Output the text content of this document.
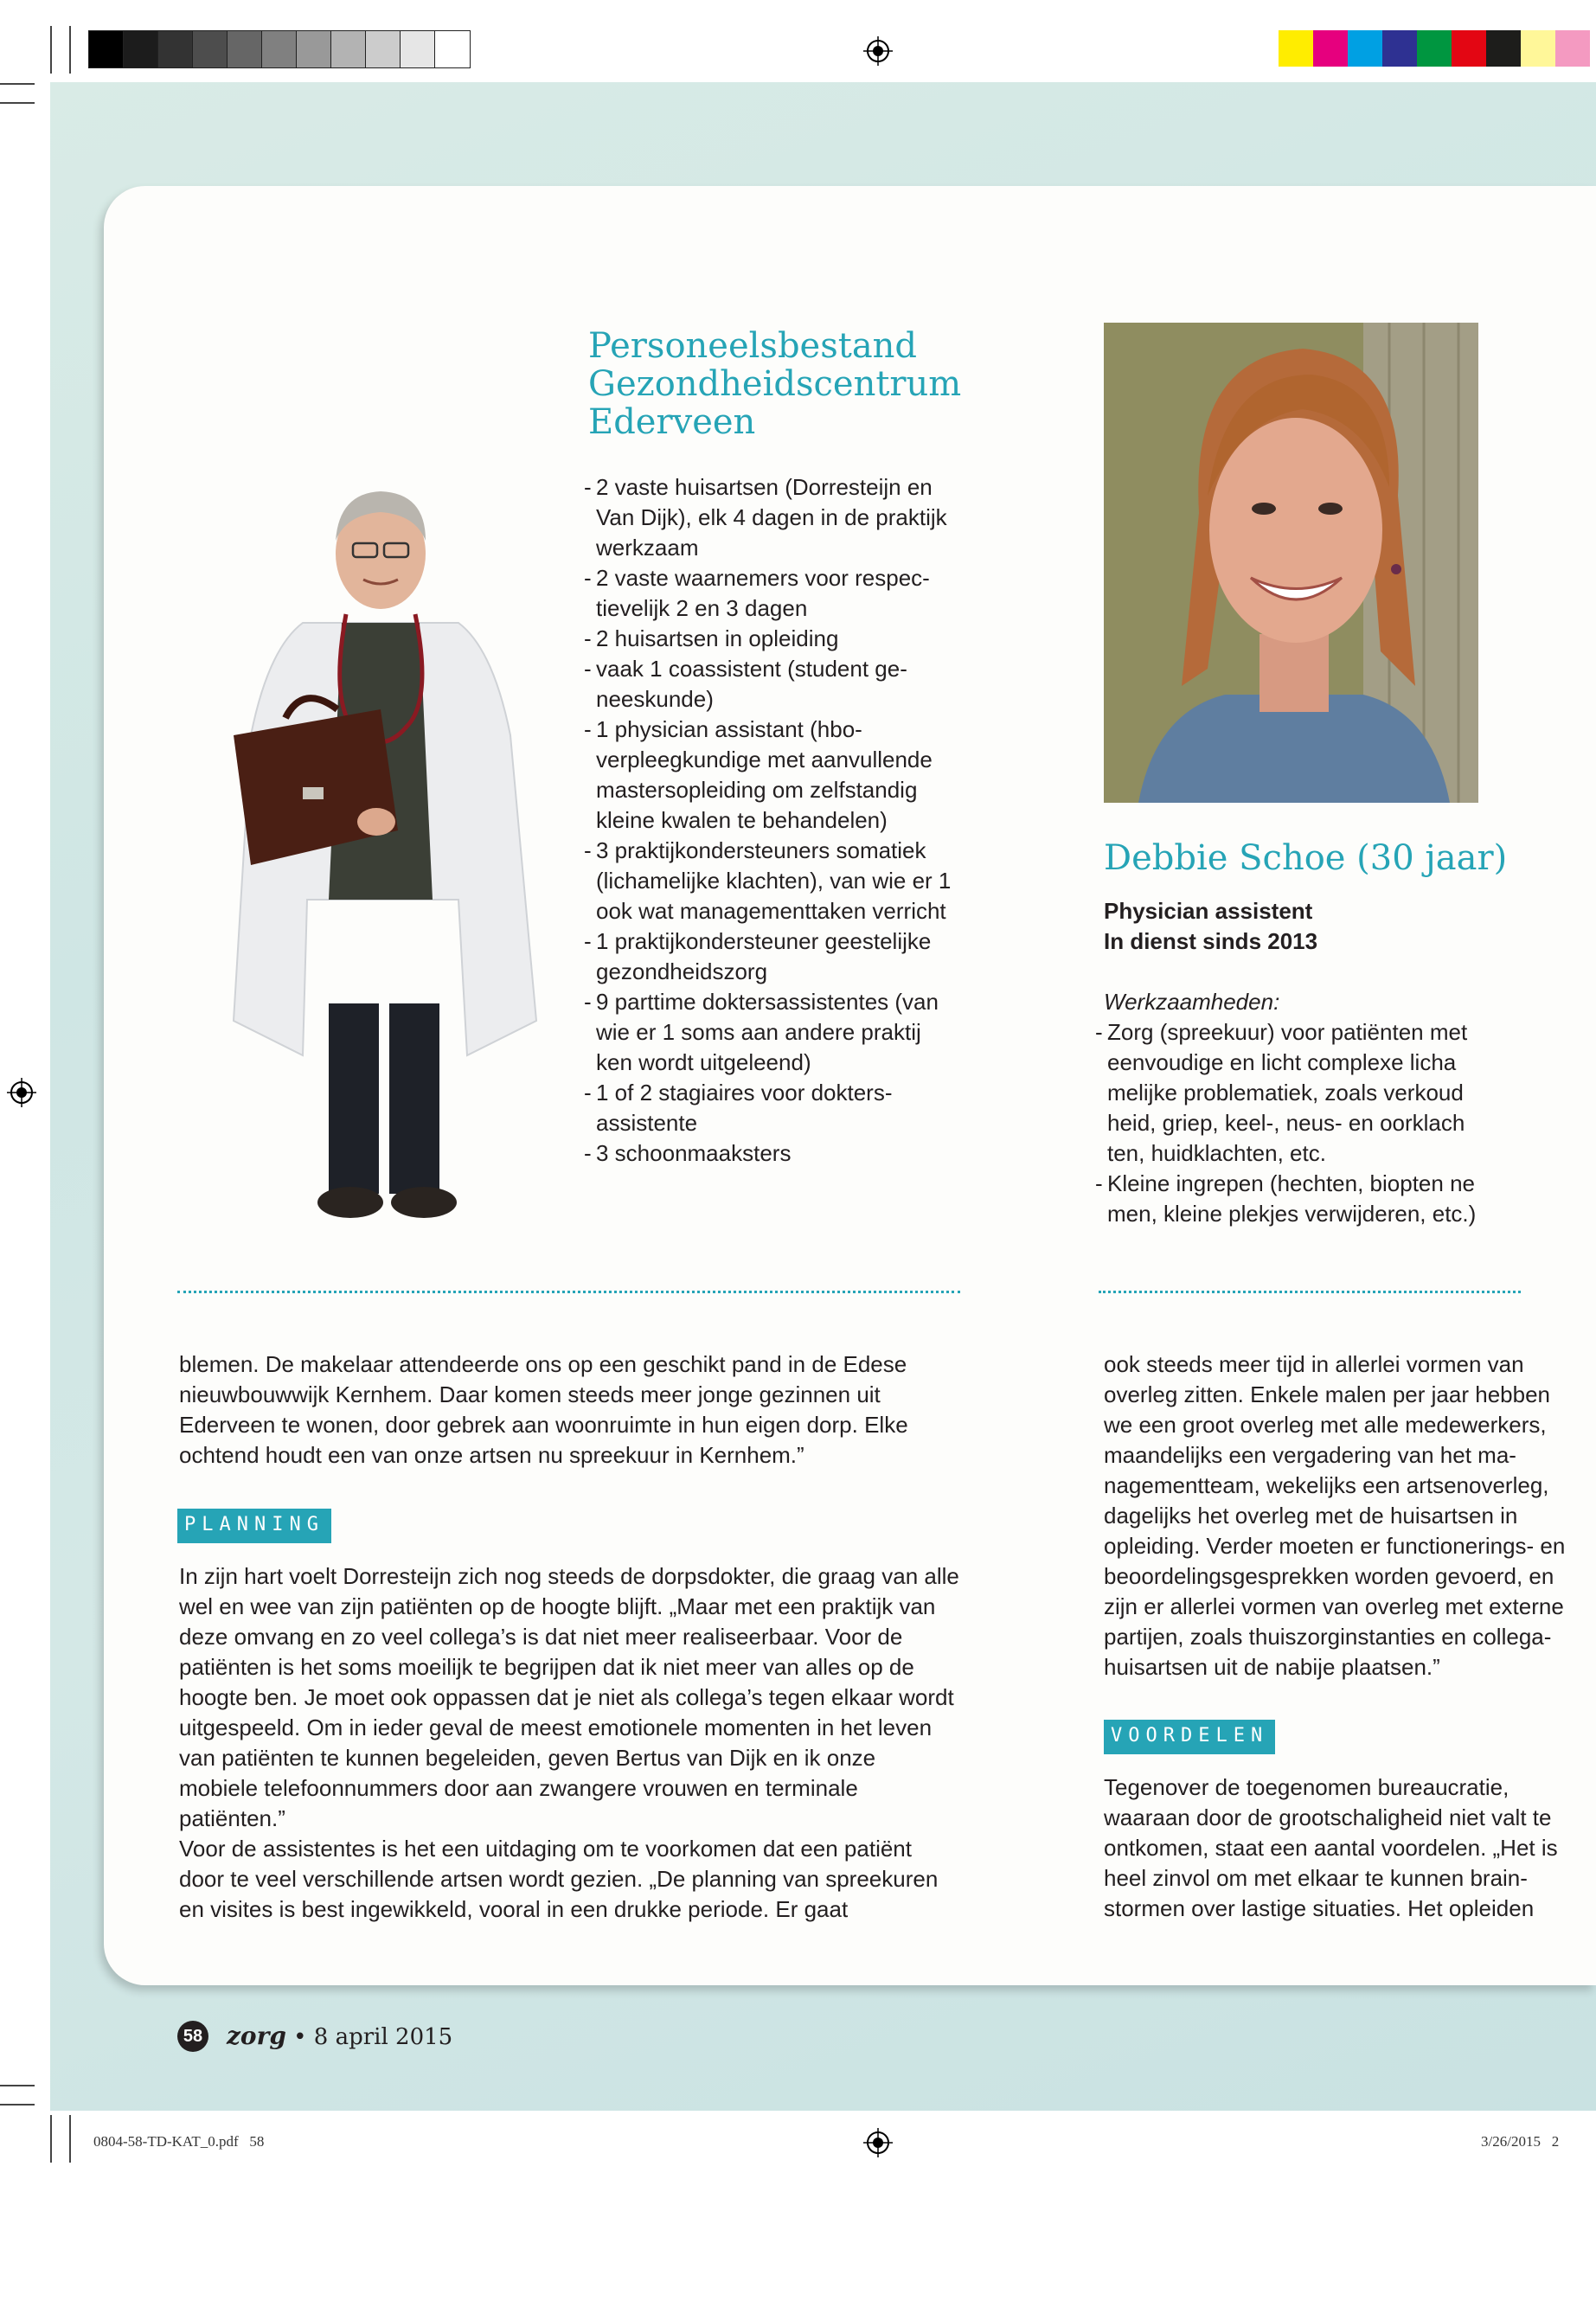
Personeelsbestand
Gezondheidscentrum
Ederveen
- 2 vaste huisartsen (Dorresteijn en Van Dijk), elk 4 dagen in de praktijk werkzaam
- 2 vaste waarnemers voor respectievelijk 2 en 3 dagen
- 2 huisartsen in opleiding
- vaak 1 coassistent (student geneeskunde)
- 1 physician assistant (hbo-verpleegkundige met aanvullende mastersopleiding om zelfstandig kleine kwalen te behandelen)
- 3 praktijkondersteuners somatiek (lichamelijke klachten), van wie er 1 ook wat managementtaken verricht
- 1 praktijkondersteuner geestelijke gezondheidszorg
- 9 parttime doktersassistentes (van wie er 1 soms aan andere praktij ken wordt uitgeleend)
- 1 of 2 stagiaires voor doktersassistente
- 3 schoonmaaksters
Debbie Schoe (30 jaar)
Physician assistent
In dienst sinds 2013
Werkzaamheden:
- Zorg (spreekuur) voor patiënten met eenvoudige en licht complexe licha melijke problematiek, zoals verkoud heid, griep, keel-, neus- en oorklach ten, huidklachten, etc.
- Kleine ingrepen (hechten, biopten ne men, kleine plekjes verwijderen, etc.)

blemen. De makelaar attendeerde ons op een geschikt pand in de Edese nieuwbouwwijk Kernhem. Daar komen steeds meer jonge gezinnen uit Ederveen te wonen, door gebrek aan woonruimte in hun eigen dorp. Elke ochtend houdt een van onze artsen nu spreekuur in Kernhem.”

PLANNING

In zijn hart voelt Dorresteijn zich nog steeds de dorpsdokter, die graag van alle wel en wee van zijn patiënten op de hoogte blijft. „Maar met een praktijk van deze omvang en zo veel collega’s is dat niet meer realiseerbaar. Voor de patiënten is het soms moeilijk te begrijpen dat ik niet meer van alles op de hoogte ben. Je moet ook oppassen dat je niet als collega’s tegen elkaar wordt uitgespeeld. Om in ieder geval de meest emotionele momenten in het leven van patiënten te kunnen begeleiden, geven Bertus van Dijk en ik onze mobiele telefoonnummers door aan zwangere vrouwen en terminale patiënten.”

Voor de assistentes is het een uitdaging om te voorkomen dat een patiënt door te veel verschillende artsen wordt gezien. „De planning van spreekuren en visites is best ingewikkeld, vooral in een drukke periode. Er gaat

ook steeds meer tijd in allerlei vormen van overleg zitten. Enkele malen per jaar hebben we een groot overleg met alle medewerkers, maandelijks een vergadering van het managementteam, wekelijks een artsenoverleg, dagelijks het overleg met de huisartsen in opleiding. Verder moeten er functionerings- en beoordelingsgesprekken worden gevoerd, en zijn er allerlei vormen van overleg met externe partijen, zoals thuiszorginstanties en collega-huisartsen uit de nabije plaatsen.”

VOORDELEN

Tegenover de toegenomen bureaucratie, waaraan door de grootschaligheid niet valt te ontkomen, staat een aantal voordelen. „Het is heel zinvol om met elkaar te kunnen brainstormen over lastige situaties. Het opleiden

58 zorg • 8 april 2015
0804-58-TD-KAT_0.pdf   58	3/26/2015   2
